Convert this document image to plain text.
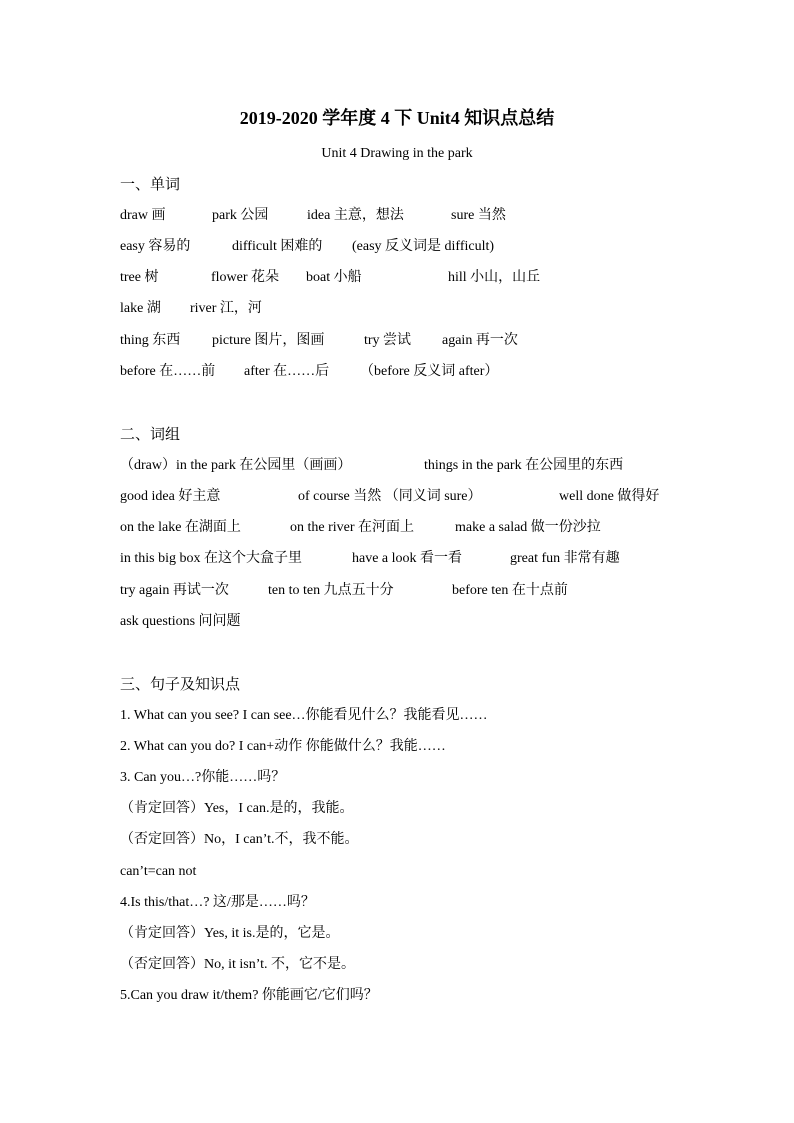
2019-2020 学年度 4 下 Unit4 知识点总结
Unit 4 Drawing in the park
一、单词
draw 画	park 公园	idea 主意，想法	sure 当然
easy 容易的	difficult 困难的 (easy 反义词是 difficult)
tree 树	flower 花朵 boat 小船	hill 小山，山丘
lake 湖 river 江，河
thing 东西 picture 图片，图画	try 尝试 again 再一次
before 在……前 after 在……后 （before 反义词 after）
二、词组
（draw）in the park 在公园里（画画）	things in the park 在公园里的东西
good idea 好主意	of course 当然 （同义词 sure）	well done 做得好
on the lake 在湖面上	on the river 在河面上	make a salad 做一份沙拉
in this big box 在这个大盒子里	have a look 看一看	great fun 非常有趣
try again 再试一次	ten to ten 九点五十分	before ten 在十点前
ask questions 问问题
三、句子及知识点
1. What can you see? I can see…你能看见什么？我能看见……
2. What can you do? I can+动作 你能做什么？我能……
3. Can you…?你能……吗？
（肯定回答）Yes，I can.是的，我能。
（否定回答）No，I can’t.不，我不能。
can’t=can not
4.Is this/that…? 这/那是……吗？
（肯定回答）Yes, it is.是的，它是。
（否定回答）No, it isn’t. 不，它不是。
5.Can you draw it/them? 你能画它/它们吗？
